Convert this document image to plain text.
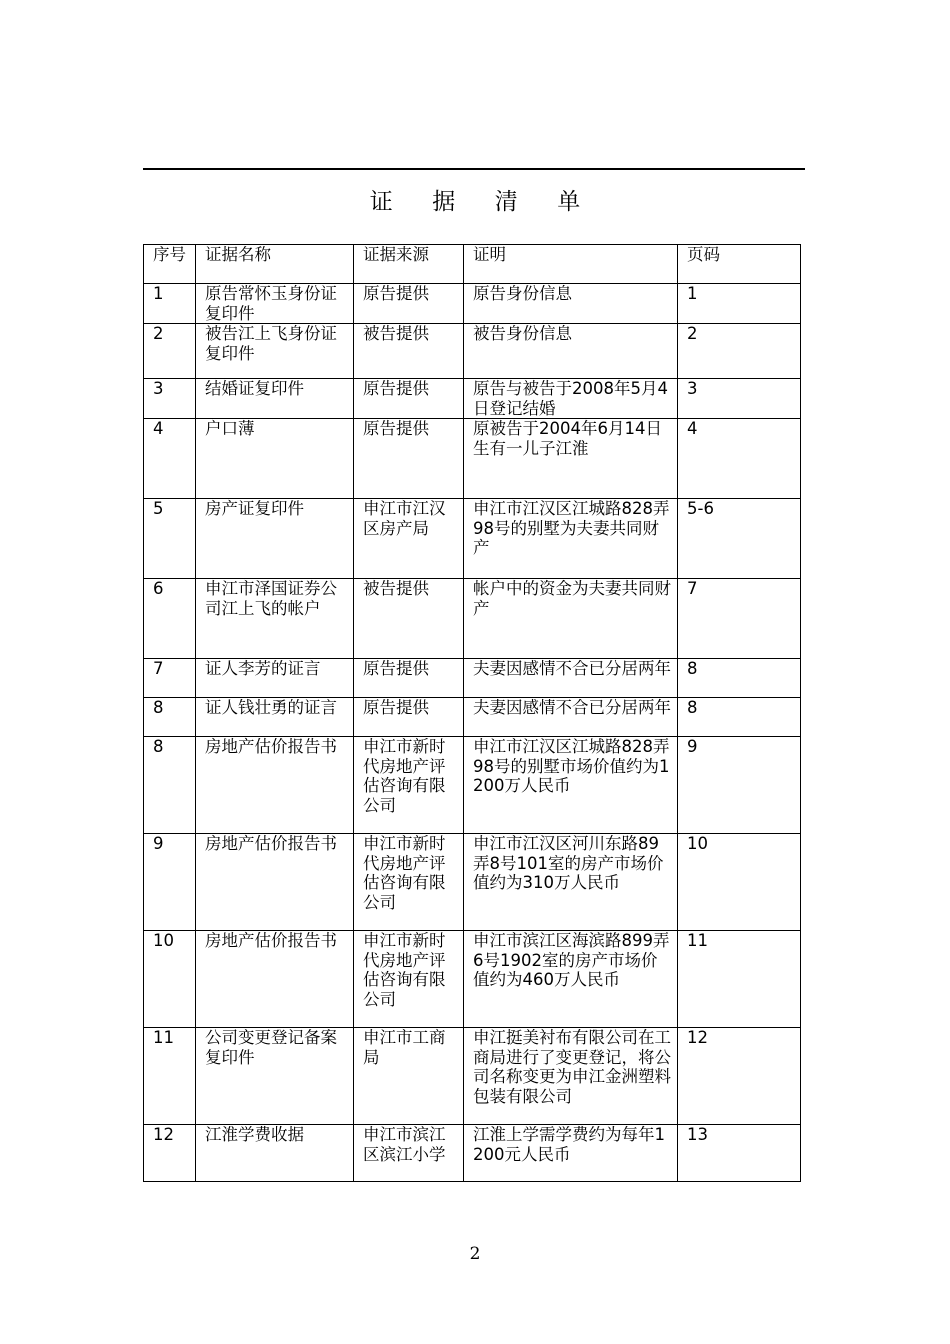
证 据 清 单
序号	证据名称	证据来源	证明	页码
1	原告常怀玉身份证复印件	原告提供	原告身份信息	1
2	被告江上飞身份证复印件	被告提供	被告身份信息	2
3	结婚证复印件	原告提供	原告与被告于2008年5月4日登记结婚	3
4	户口薄	原告提供	原被告于2004年6月14日生有一儿子江淮	4
5	房产证复印件	申江市江汉区房产局	申江市江汉区江城路828弄98号的别墅为夫妻共同财产	5-6
6	申江市泽国证券公司江上飞的帐户	被告提供	帐户中的资金为夫妻共同财产	7
7	证人李芳的证言	原告提供	夫妻因感情不合已分居两年	8
8	证人钱壮勇的证言	原告提供	夫妻因感情不合已分居两年	8
8	房地产估价报告书	申江市新时代房地产评估咨询有限公司	申江市江汉区江城路828弄98号的别墅市场价值约为1200万人民币	9
9	房地产估价报告书	申江市新时代房地产评估咨询有限公司	申江市江汉区河川东路89弄8号101室的房产市场价值约为310万人民币	10
10	房地产估价报告书	申江市新时代房地产评估咨询有限公司	申江市滨江区海滨路899弄6号1902室的房产市场价值约为460万人民币	11
11	公司变更登记备案复印件	申江市工商局	申江挺美衬布有限公司在工商局进行了变更登记，将公司名称变更为申江金洲塑料包装有限公司	12
12	江淮学费收据	申江市滨江区滨江小学	江淮上学需学费约为每年1200元人民币	13
2
